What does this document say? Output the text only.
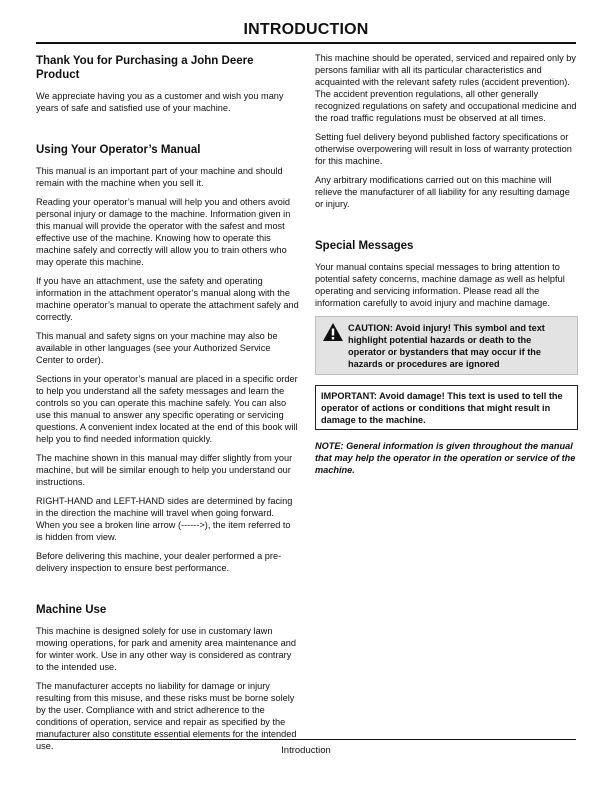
INTRODUCTION
Thank You for Purchasing a John Deere Product

We appreciate having you as a customer and wish you many years of safe and satisfied use of your machine.

Using Your Operator’s Manual

This manual is an important part of your machine and should remain with the machine when you sell it.

Reading your operator’s manual will help you and others avoid personal injury or damage to the machine. Information given in this manual will provide the operator with the safest and most effective use of the machine. Knowing how to operate this machine safely and correctly will allow you to train others who may operate this machine.

If you have an attachment, use the safety and operating information in the attachment operator’s manual along with the machine operator’s manual to operate the attachment safely and correctly.

This manual and safety signs on your machine may also be available in other languages (see your Authorized Service Center to order).

Sections in your operator’s manual are placed in a specific order to help you understand all the safety messages and learn the controls so you can operate this machine safely. You can also use this manual to answer any specific operating or servicing questions. A convenient index located at the end of this book will help you to find needed information quickly.

The machine shown in this manual may differ slightly from your machine, but will be similar enough to help you understand our instructions.

RIGHT-HAND and LEFT-HAND sides are determined by facing in the direction the machine will travel when going forward. When you see a broken line arrow (------>), the item referred to is hidden from view.

Before delivering this machine, your dealer performed a pre-delivery inspection to ensure best performance.

Machine Use

This machine is designed solely for use in customary lawn mowing operations, for park and amenity area maintenance and for winter work. Use in any other way is considered as contrary to the intended use.

The manufacturer accepts no liability for damage or injury resulting from this misuse, and these risks must be borne solely by the user. Compliance with and strict adherence to the conditions of operation, service and repair as specified by the manufacturer also constitute essential elements for the intended use.

This machine should be operated, serviced and repaired only by persons familiar with all its particular characteristics and acquainted with the relevant safety rules (accident prevention). The accident prevention regulations, all other generally recognized regulations on safety and occupational medicine and the road traffic regulations must be observed at all times.

Setting fuel delivery beyond published factory specifications or otherwise overpowering will result in loss of warranty protection for this machine.

Any arbitrary modifications carried out on this machine will relieve the manufacturer of all liability for any resulting damage or injury.

Special Messages

Your manual contains special messages to bring attention to potential safety concerns, machine damage as well as helpful operating and servicing information. Please read all the information carefully to avoid injury and machine damage.

CAUTION: Avoid injury! This symbol and text highlight potential hazards or death to the operator or bystanders that may occur if the hazards or procedures are ignored
IMPORTANT: Avoid damage! This text is used to tell the operator of actions or conditions that might result in damage to the machine.

NOTE: General information is given throughout the manual that may help the operator in the operation or service of the machine.

Introduction
